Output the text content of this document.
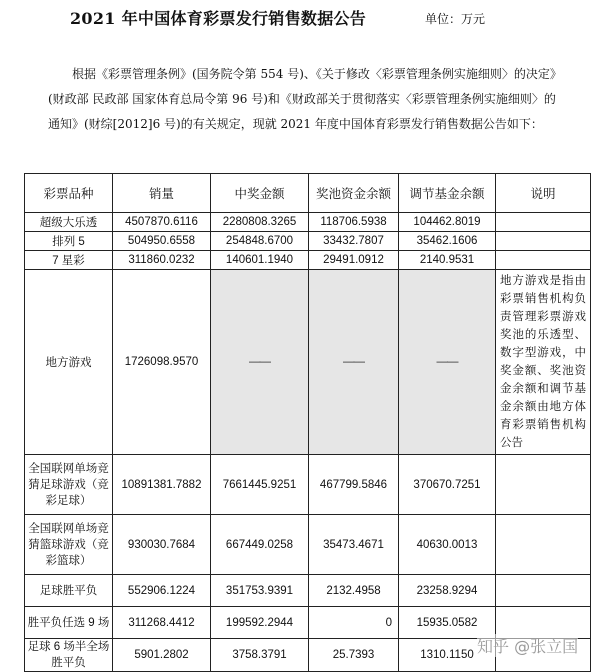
2021 年中国体育彩票发行销售数据公告	单位：万元
根据《彩票管理条例》(国务院令第 554 号)、《关于修改〈彩票管理条例实施细则〉的决定》(财政部 民政部 国家体育总局令第 96 号)和《财政部关于贯彻落实〈彩票管理条例实施细则〉的通知》(财综[2012]6 号)的有关规定，现就 2021 年度中国体育彩票发行销售数据公告如下：
彩票品种	销量	中奖金额	奖池资金余额	调节基金余额	说明
超级大乐透	4507870.6116	2280808.3265	118706.5938	104462.8019	
排列 5	504950.6558	254848.6700	33432.7807	35462.1606	
7 星彩	311860.0232	140601.1940	29491.0912	2140.9531	
地方游戏	1726098.9570	——	——	——	地方游戏是指由彩票销售机构负责管理彩票游戏奖池的乐透型、数字型游戏，中奖金额、奖池资金余额和调节基金余额由地方体育彩票销售机构公告
全国联网单场竞猜足球游戏（竞彩足球）	10891381.7882	7661445.9251	467799.5846	370670.7251	
全国联网单场竞猜篮球游戏（竞彩篮球）	930030.7684	667449.0258	35473.4671	40630.0013	
足球胜平负	552906.1224	351753.9391	2132.4958	23258.9294	
胜平负任选 9 场	311268.4412	199592.2944	0	15935.0582	
足球 6 场半全场胜平负	5901.2802	3758.3791	25.7393	1310.1150	知乎 @张立国
